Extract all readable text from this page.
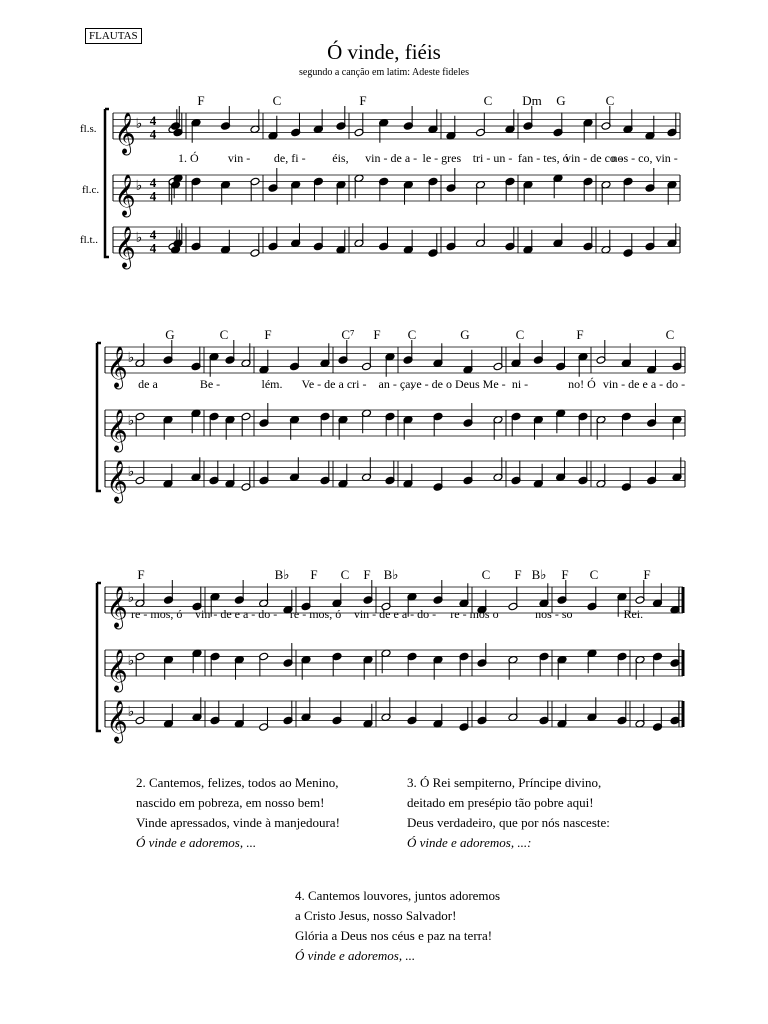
FLAUTAS
Ó vinde, fiéis
segundo a canção em latim: Adeste fideles
fl.s.
fl.c.
fl.t..
𝄞 ♭ 4
4
𝄞 ♭ 4
4
𝄞 ♭ 4
4
F	C	F	C Dm G	C
1. Ó vin - de, fi - éis, vin - de a - le - gres tri - un - fan - tes, ó
vin - de co -
nos - co, vin -
𝄞 ♭
𝄞 ♭
𝄞 ♭
G	C	F	C⁷ F C	G	C	F	C
de a	Be -	lém. Ve - de a cri - an - ça,
ve - de o Deus Me - ni -	no! Ó vin - de e a - do -
𝄞 ♭
𝄞 ♭
𝄞 ♭
F	B♭ F C F B♭	C F B♭ F C	F
re - mos, ó vin - de e a - do - re - mos, ó vin - de e a - do - re - mos o	nos - so	Rei.
2. Cantemos, felizes, todos ao Menino,
nascido em pobreza, em nosso bem!
Vinde apressados, vinde à manjedoura!
Ó vinde e adoremos, ...
3. Ó Rei sempiterno, Príncipe divino,
deitado em presépio tão pobre aqui!
Deus verdadeiro, que por nós nasceste:
Ó vinde e adoremos, ...:
4. Cantemos louvores, juntos adoremos
a Cristo Jesus, nosso Salvador!
Glória a Deus nos céus e paz na terra!
Ó vinde e adoremos, ...
